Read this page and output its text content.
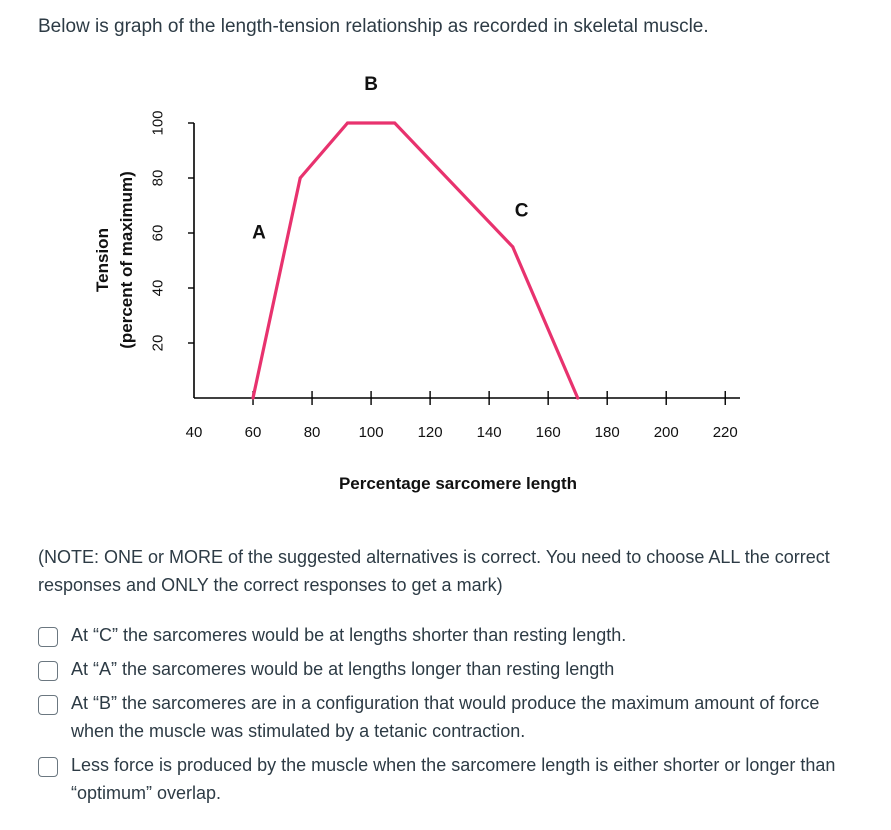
Below is graph of the length-tension relationship as recorded in skeletal muscle.

20
40
60
80
100
40	60	80	100 120 140 160 180 200 220
A
B
C
Percentage sarcomere length
Tension (percent of maximum)

(NOTE: ONE or MORE of the suggested alternatives is correct. You need to choose ALL the correct responses and ONLY the correct responses to get a mark)

At “C” the sarcomeres would be at lengths shorter than resting length.
At “A” the sarcomeres would be at lengths longer than resting length
At “B” the sarcomeres are in a configuration that would produce the maximum amount of force when the muscle was stimulated by a tetanic contraction.
Less force is produced by the muscle when the sarcomere length is either shorter or longer than “optimum” overlap.
